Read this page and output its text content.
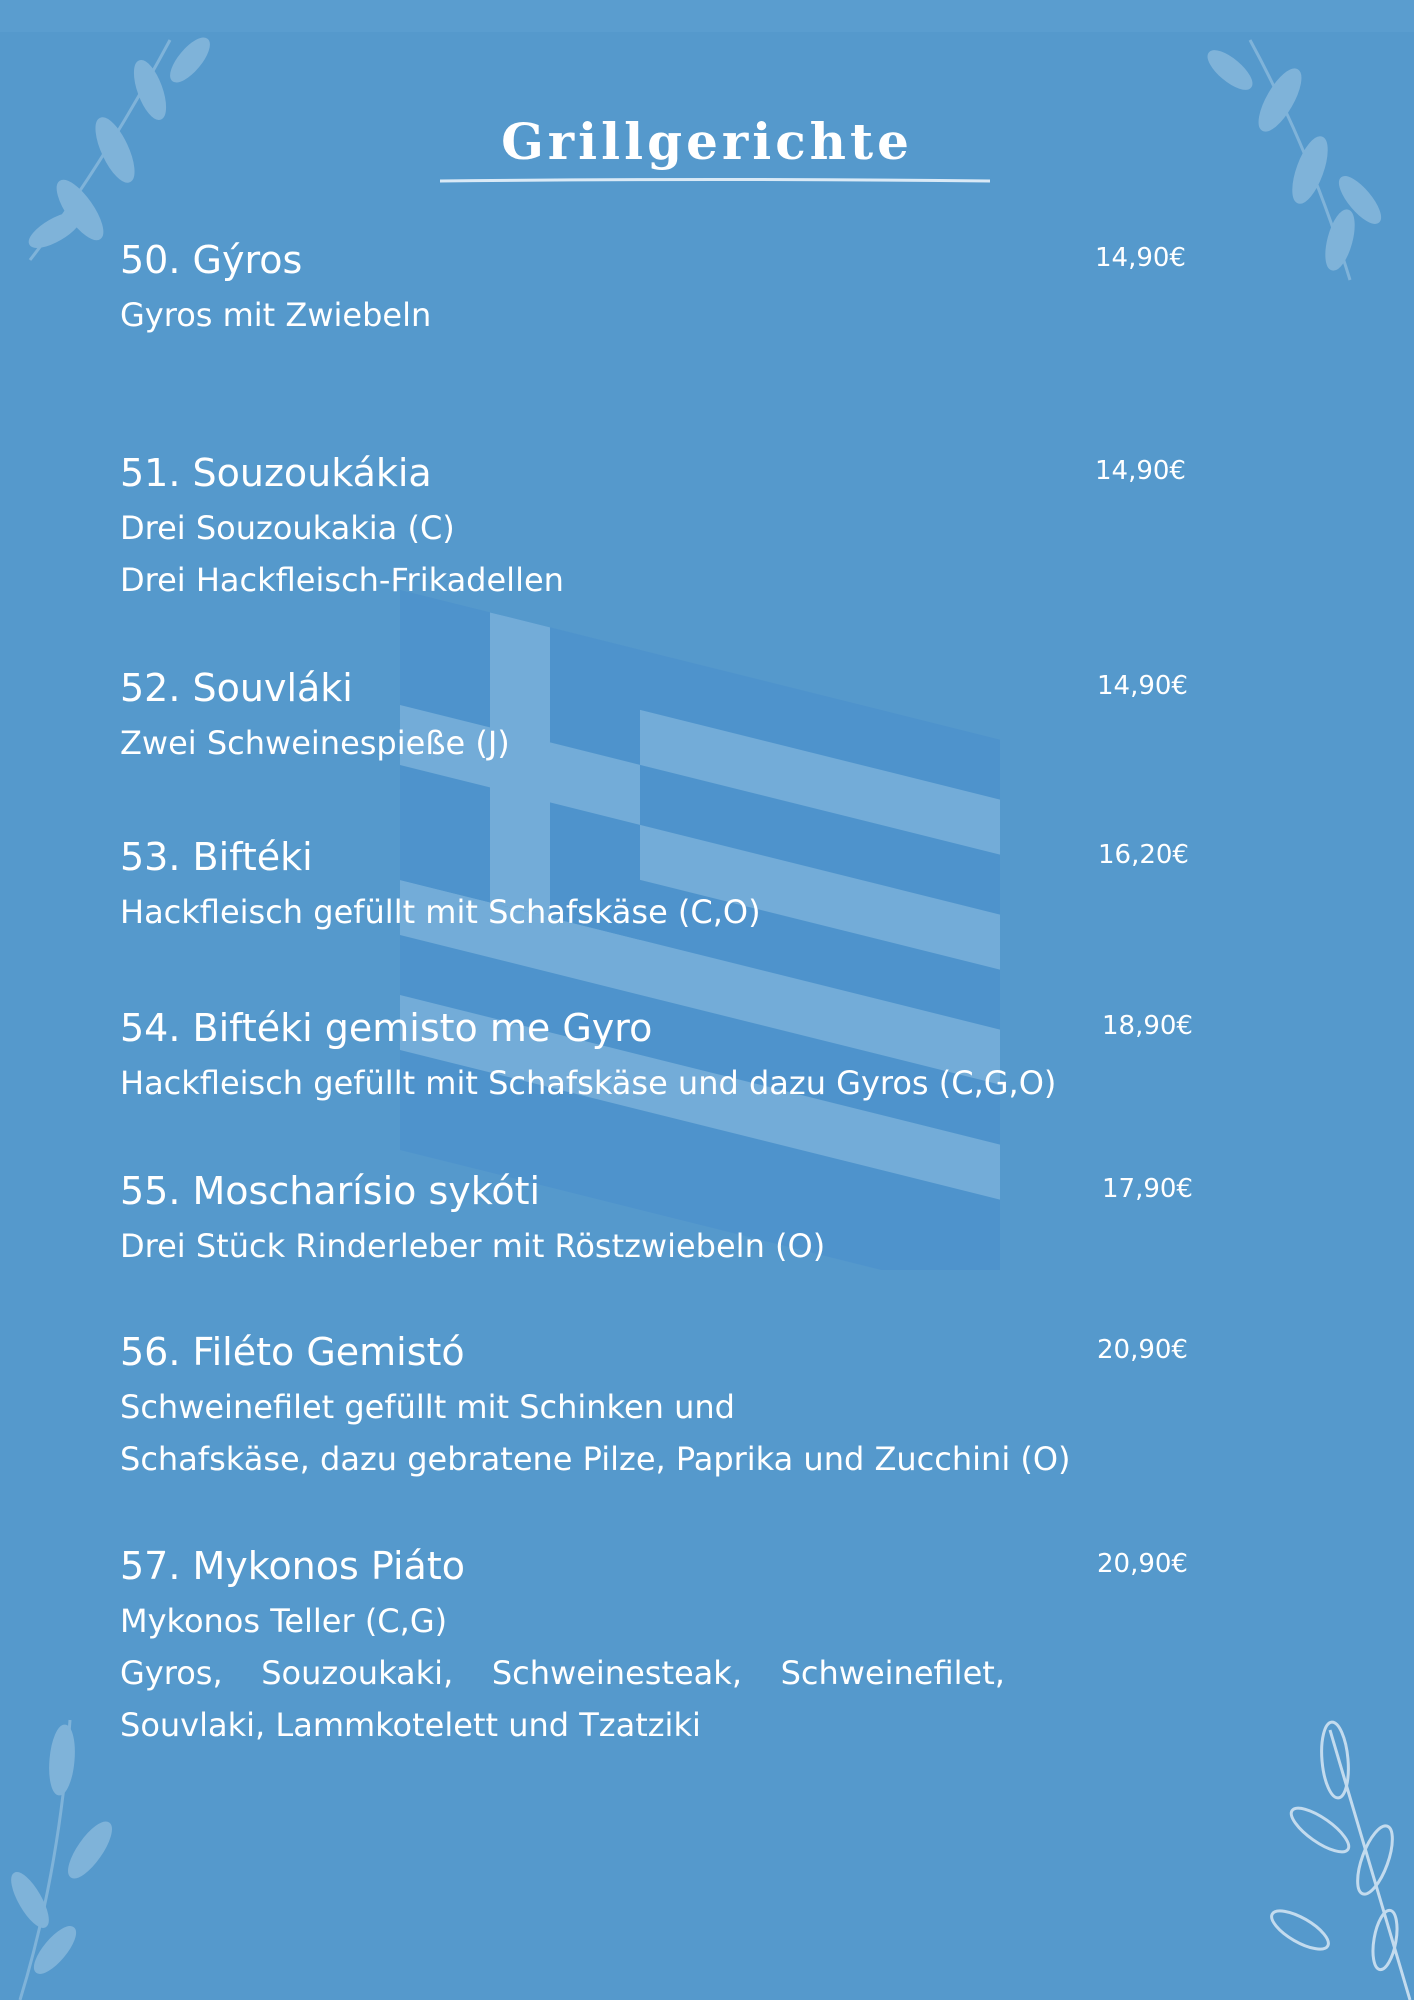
Grillgerichte
50. Gýros
Gyros mit Zwiebeln
14,90€
51. Souzoukákia
Drei Souzoukakia (C)
Drei Hackfleisch-Frikadellen
14,90€
52. Souvláki
Zwei Schweinespieße (J)
14,90€
53. Biftéki
Hackfleisch gefüllt mit Schafskäse (C,O)
16,20€
54. Biftéki gemisto me Gyro
Hackfleisch gefüllt mit Schafskäse und dazu Gyros (C,G,O)
18,90€
55. Moscharísio sykóti
Drei Stück Rinderleber mit Röstzwiebeln (O)
17,90€
56. Filéto Gemistó
Schweinefilet gefüllt mit Schinken und
Schafskäse, dazu gebratene Pilze, Paprika und Zucchini (O)
20,90€
57. Mykonos Piáto
Mykonos Teller (C,G)
Gyros, Souzoukaki, Schweinesteak, Schweinefilet,
Souvlaki, Lammkotelett und Tzatziki
20,90€
